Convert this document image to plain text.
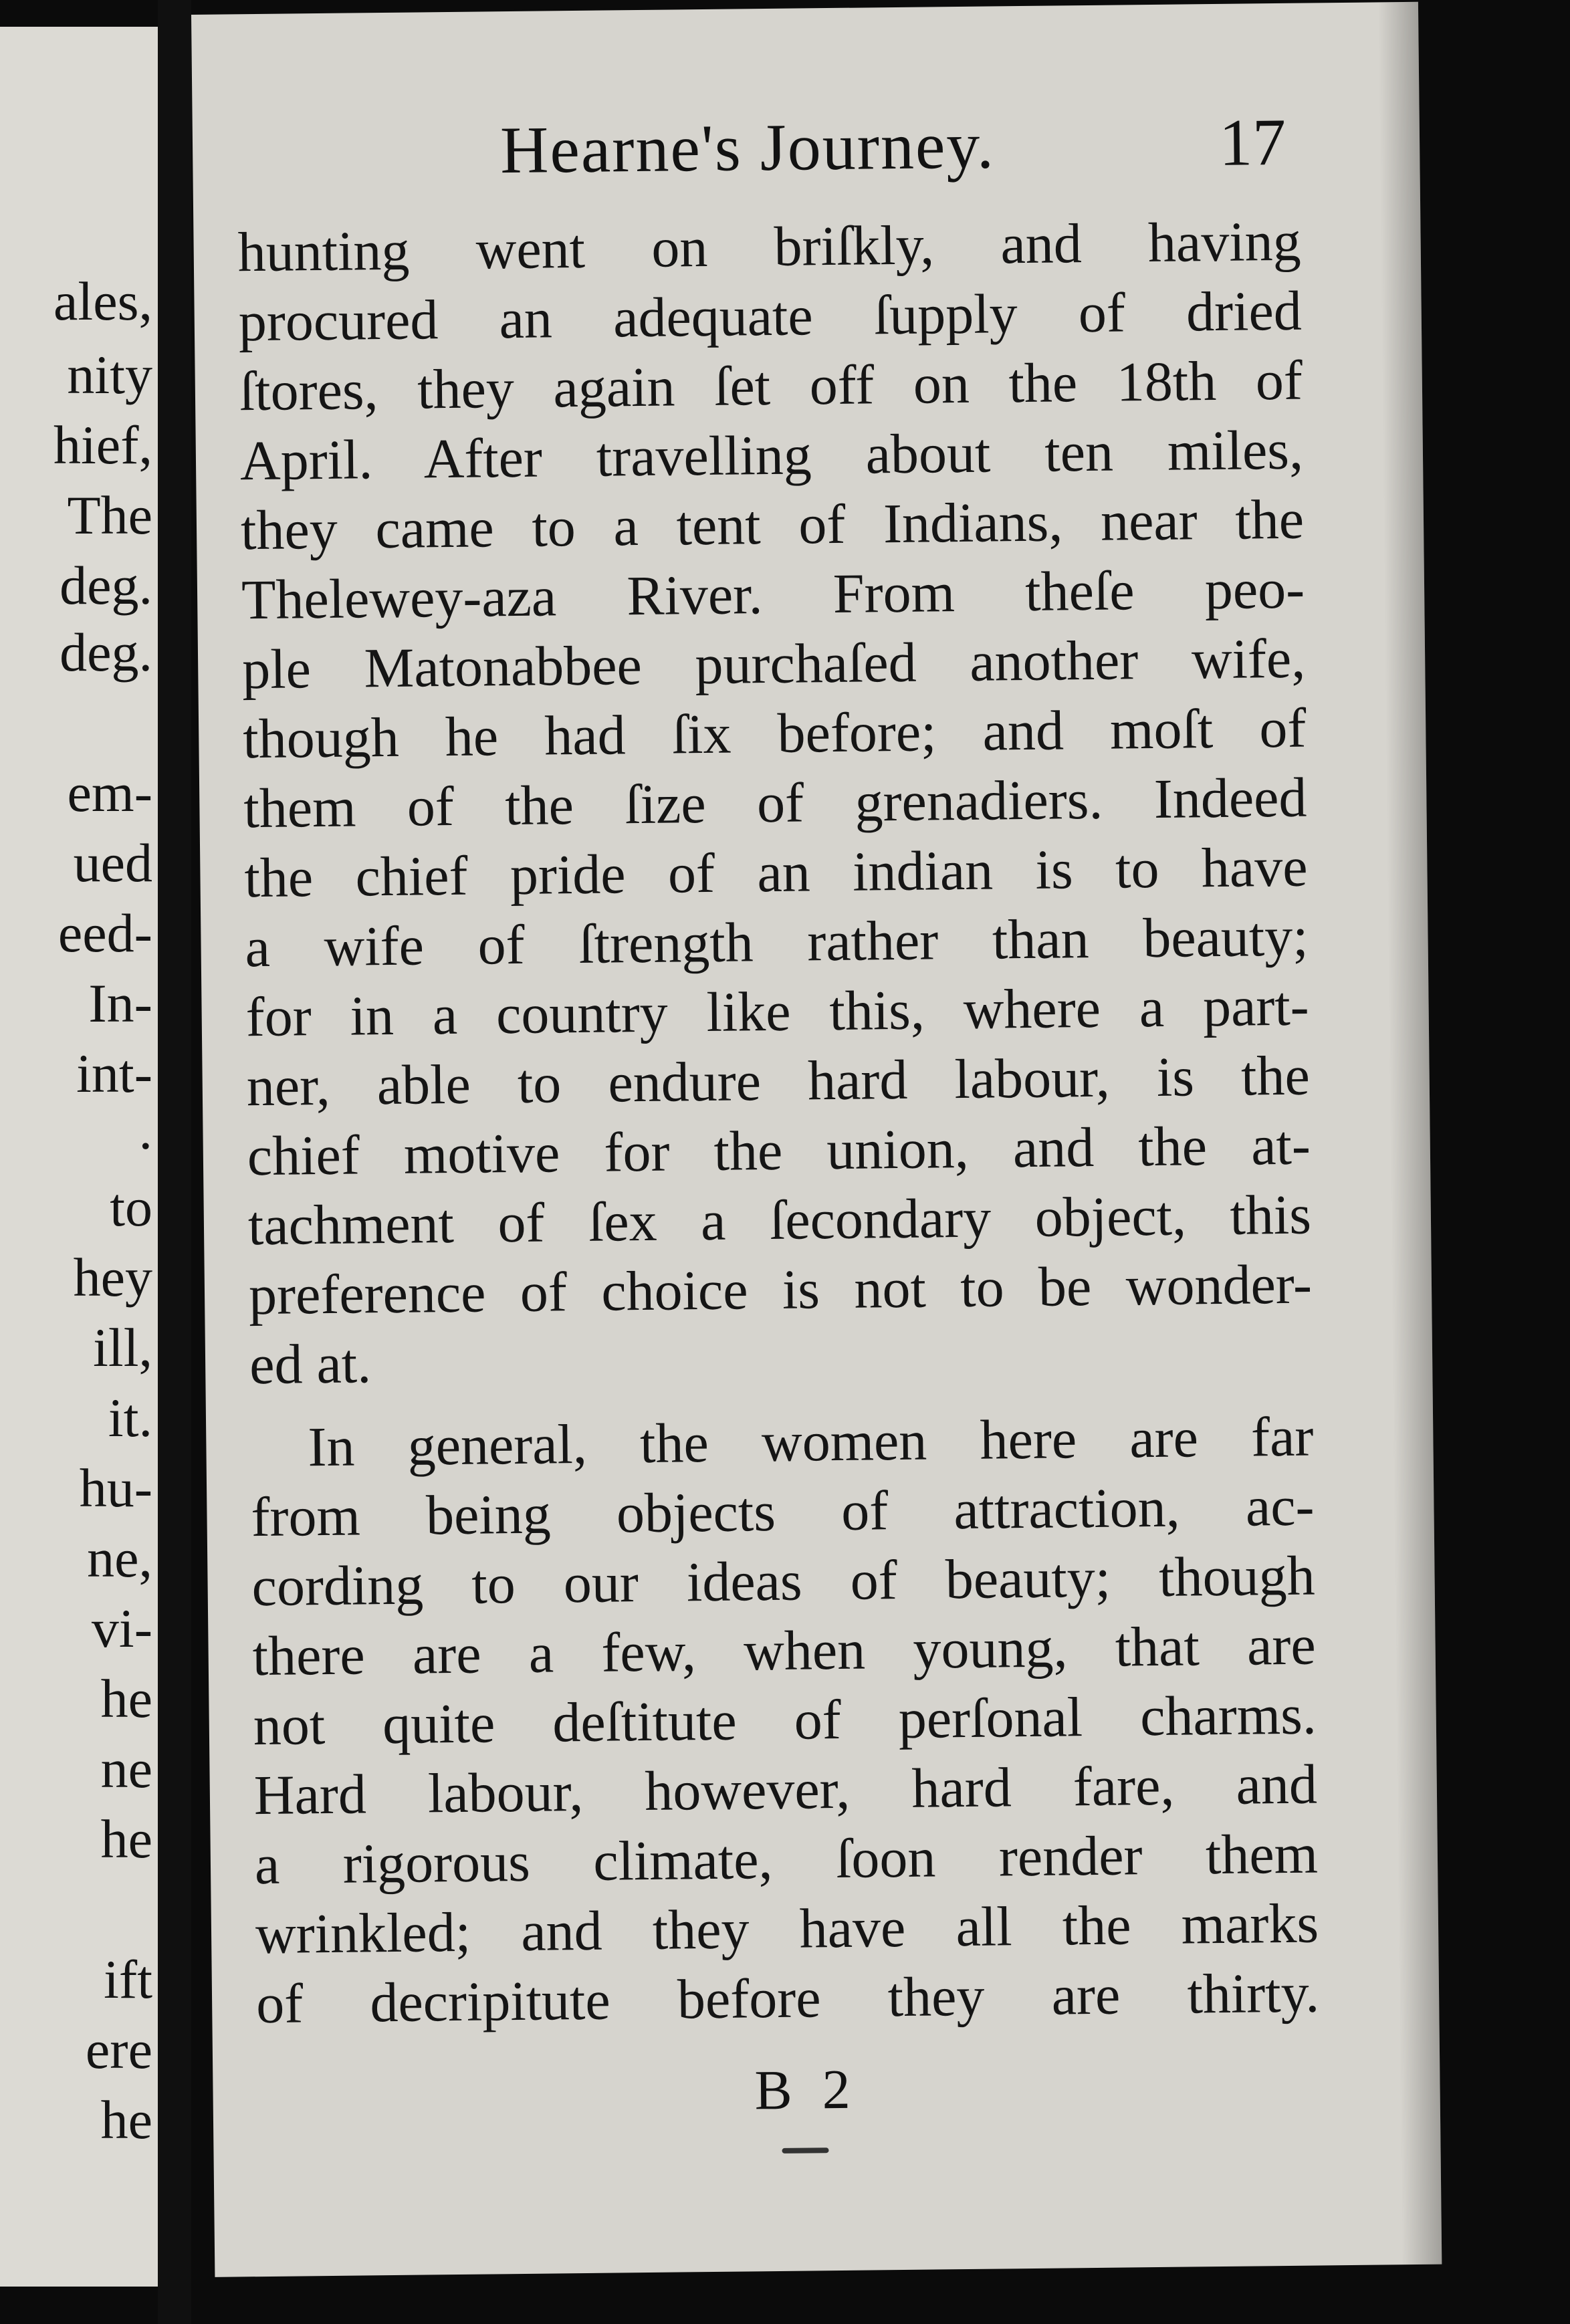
ales,
nity
hief,
The
deg.
deg.
em-
ued
eed-
In-
int-
.
to
hey
ill,
it.
hu-
ne,
vi-
he
ne
he
ift
ere
he
Hearne's Journey.	17
hunting went on briſkly, and having
procured an adequate ſupply of dried
ſtores, they again ſet off on the 18th of
April. After travelling about ten miles,
they came to a tent of Indians, near the
Thelewey-aza River. From theſe peo-
ple Matonabbee purchaſed another wife,
though he had ſix before; and moſt of
them of the ſize of grenadiers. Indeed
the chief pride of an indian is to have
a wife of ſtrength rather than beauty;
for in a country like this, where a part-
ner, able to endure hard labour, is the
chief motive for the union, and the at-
tachment of ſex a ſecondary object, this
preference of choice is not to be wonder-
ed at.
In general, the women here are far
from being objects of attraction, ac-
cording to our ideas of beauty; though
there are a few, when young, that are
not quite deſtitute of perſonal charms.
Hard labour, however, hard fare, and
a rigorous climate, ſoon render them
wrinkled; and they have all the marks
of decripitute before they are thirty.
B 2
